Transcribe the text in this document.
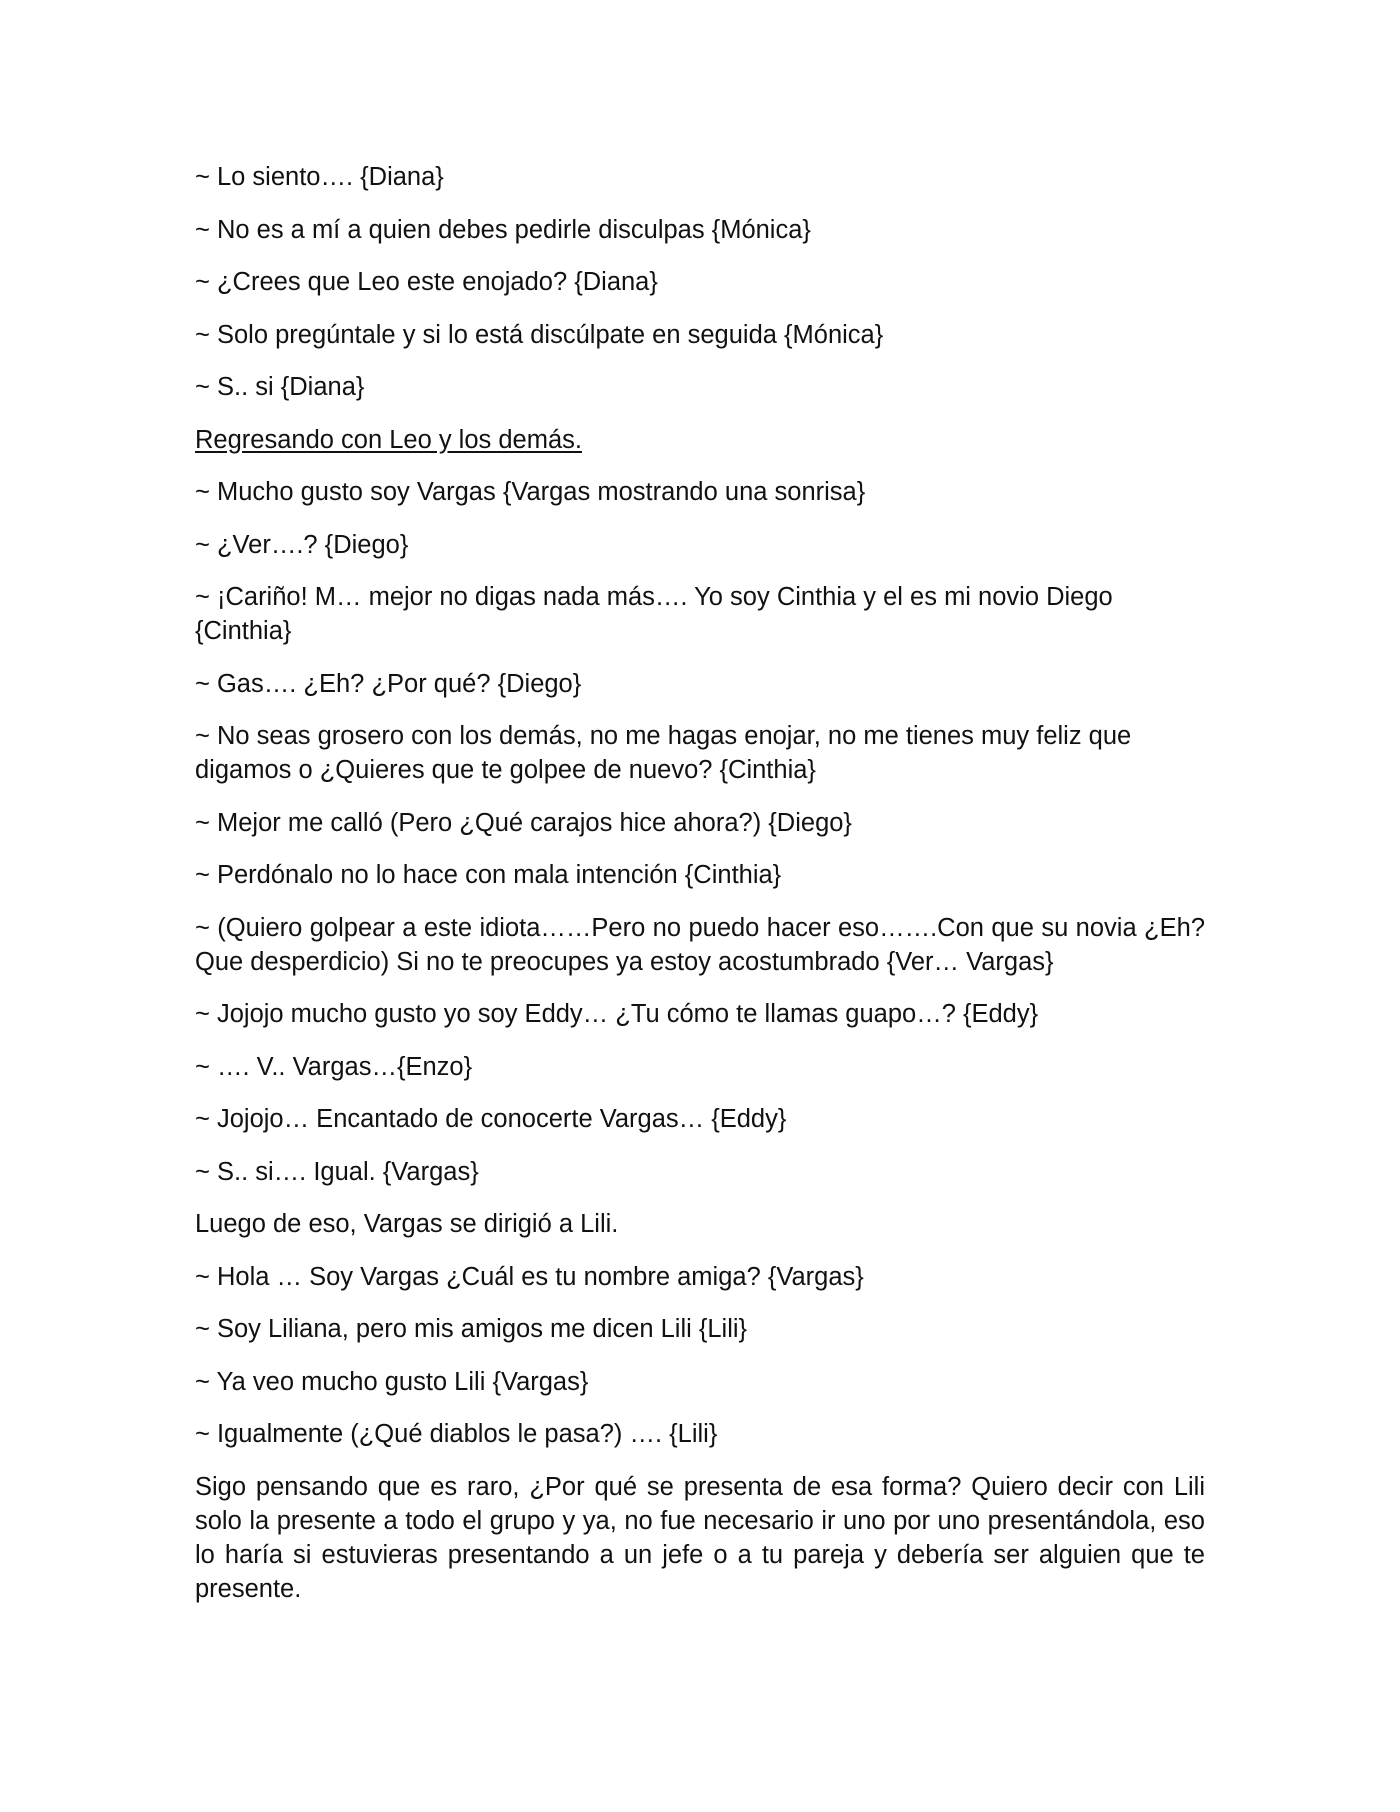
~ Lo siento…. {Diana}

~ No es a mí a quien debes pedirle disculpas {Mónica}

~ ¿Crees que Leo este enojado? {Diana}

~ Solo pregúntale y si lo está discúlpate en seguida {Mónica}

~ S.. si {Diana}

Regresando con Leo y los demás.

~ Mucho gusto soy Vargas {Vargas mostrando una sonrisa}

~ ¿Ver….? {Diego}

~ ¡Cariño! M… mejor no digas nada más…. Yo soy Cinthia y el es mi novio Diego {Cinthia}

~ Gas…. ¿Eh? ¿Por qué? {Diego}

~ No seas grosero con los demás, no me hagas enojar, no me tienes muy feliz que digamos o ¿Quieres que te golpee de nuevo? {Cinthia}

~ Mejor me calló (Pero ¿Qué carajos hice ahora?) {Diego}

~ Perdónalo no lo hace con mala intención {Cinthia}

~ (Quiero golpear a este idiota……Pero no puedo hacer eso…….Con que su novia ¿Eh? Que desperdicio) Si no te preocupes ya estoy acostumbrado {Ver… Vargas}

~ Jojojo mucho gusto yo soy Eddy… ¿Tu cómo te llamas guapo…? {Eddy}

~ …. V.. Vargas…{Enzo}

~ Jojojo… Encantado de conocerte Vargas… {Eddy}

~ S.. si…. Igual. {Vargas}

Luego de eso, Vargas se dirigió a Lili.

~ Hola … Soy Vargas ¿Cuál es tu nombre amiga? {Vargas}

~ Soy Liliana, pero mis amigos me dicen Lili {Lili}

~ Ya veo mucho gusto Lili {Vargas}

~ Igualmente (¿Qué diablos le pasa?) …. {Lili}

Sigo pensando que es raro, ¿Por qué se presenta de esa forma? Quiero decir con Lili solo la presente a todo el grupo y ya, no fue necesario ir uno por uno presentándola, eso lo haría si estuvieras presentando a un jefe o a tu pareja y debería ser alguien que te presente.
